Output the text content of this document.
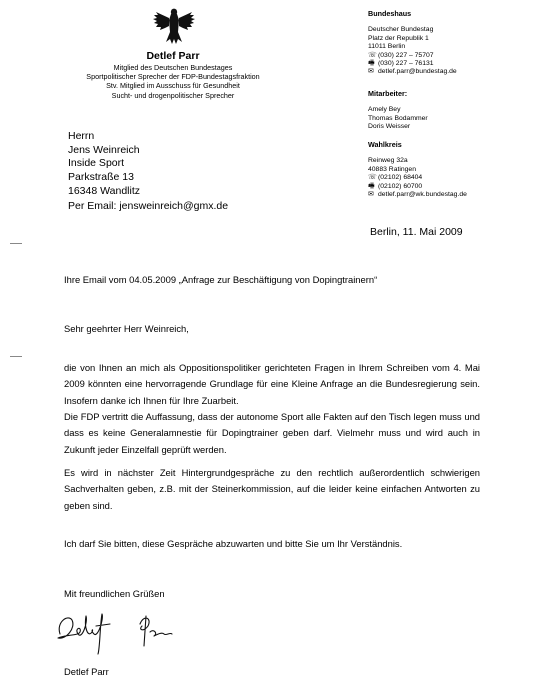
Detlef Parr
Mitglied des Deutschen Bundestages
Sportpolitischer Sprecher der FDP-Bundestagsfraktion
Stv. Mitglied im Ausschuss für Gesundheit
Sucht- und drogenpolitischer Sprecher
Bundeshaus
Deutscher Bundestag
Platz der Republik 1
11011 Berlin
☏ (030) 227 – 75707
🖷 (030) 227 – 76131
✉ detlef.parr@bundestag.de
Mitarbeiter:
Amely Bey
Thomas Bodammer
Doris Weisser
Wahlkreis
Reinweg 32a
40883 Ratingen
☏ (02102) 68404
🖷 (02102) 60700
✉ detlef.parr@wk.bundestag.de
Herrn
Jens Weinreich
Inside Sport
Parkstraße 13
16348 Wandlitz
Per Email: jensweinreich@gmx.de
Berlin, 11. Mai 2009
Ihre Email vom 04.05.2009 „Anfrage zur Beschäftigung von Dopingtrainern“
Sehr geehrter Herr Weinreich,
die von Ihnen an mich als Oppositionspolitiker gerichteten Fragen in Ihrem Schreiben vom 4. Mai 2009 könnten eine hervorragende Grundlage für eine Kleine Anfrage an die Bundesregierung sein. Insofern danke ich Ihnen für Ihre Zuarbeit.
Die FDP vertritt die Auffassung, dass der autonome Sport alle Fakten auf den Tisch legen muss und dass es keine Generalamnestie für Dopingtrainer geben darf. Vielmehr muss und wird auch in Zukunft jeder Einzelfall geprüft werden.
Es wird in nächster Zeit Hintergrundgespräche zu den rechtlich außerordentlich schwierigen Sachverhalten geben, z.B. mit der Steinerkommission, auf die leider keine einfachen Antworten zu geben sind.
Ich darf Sie bitten, diese Gespräche abzuwarten und bitte Sie um Ihr Verständnis.
Mit freundlichen Grüßen
Detlef Parr
